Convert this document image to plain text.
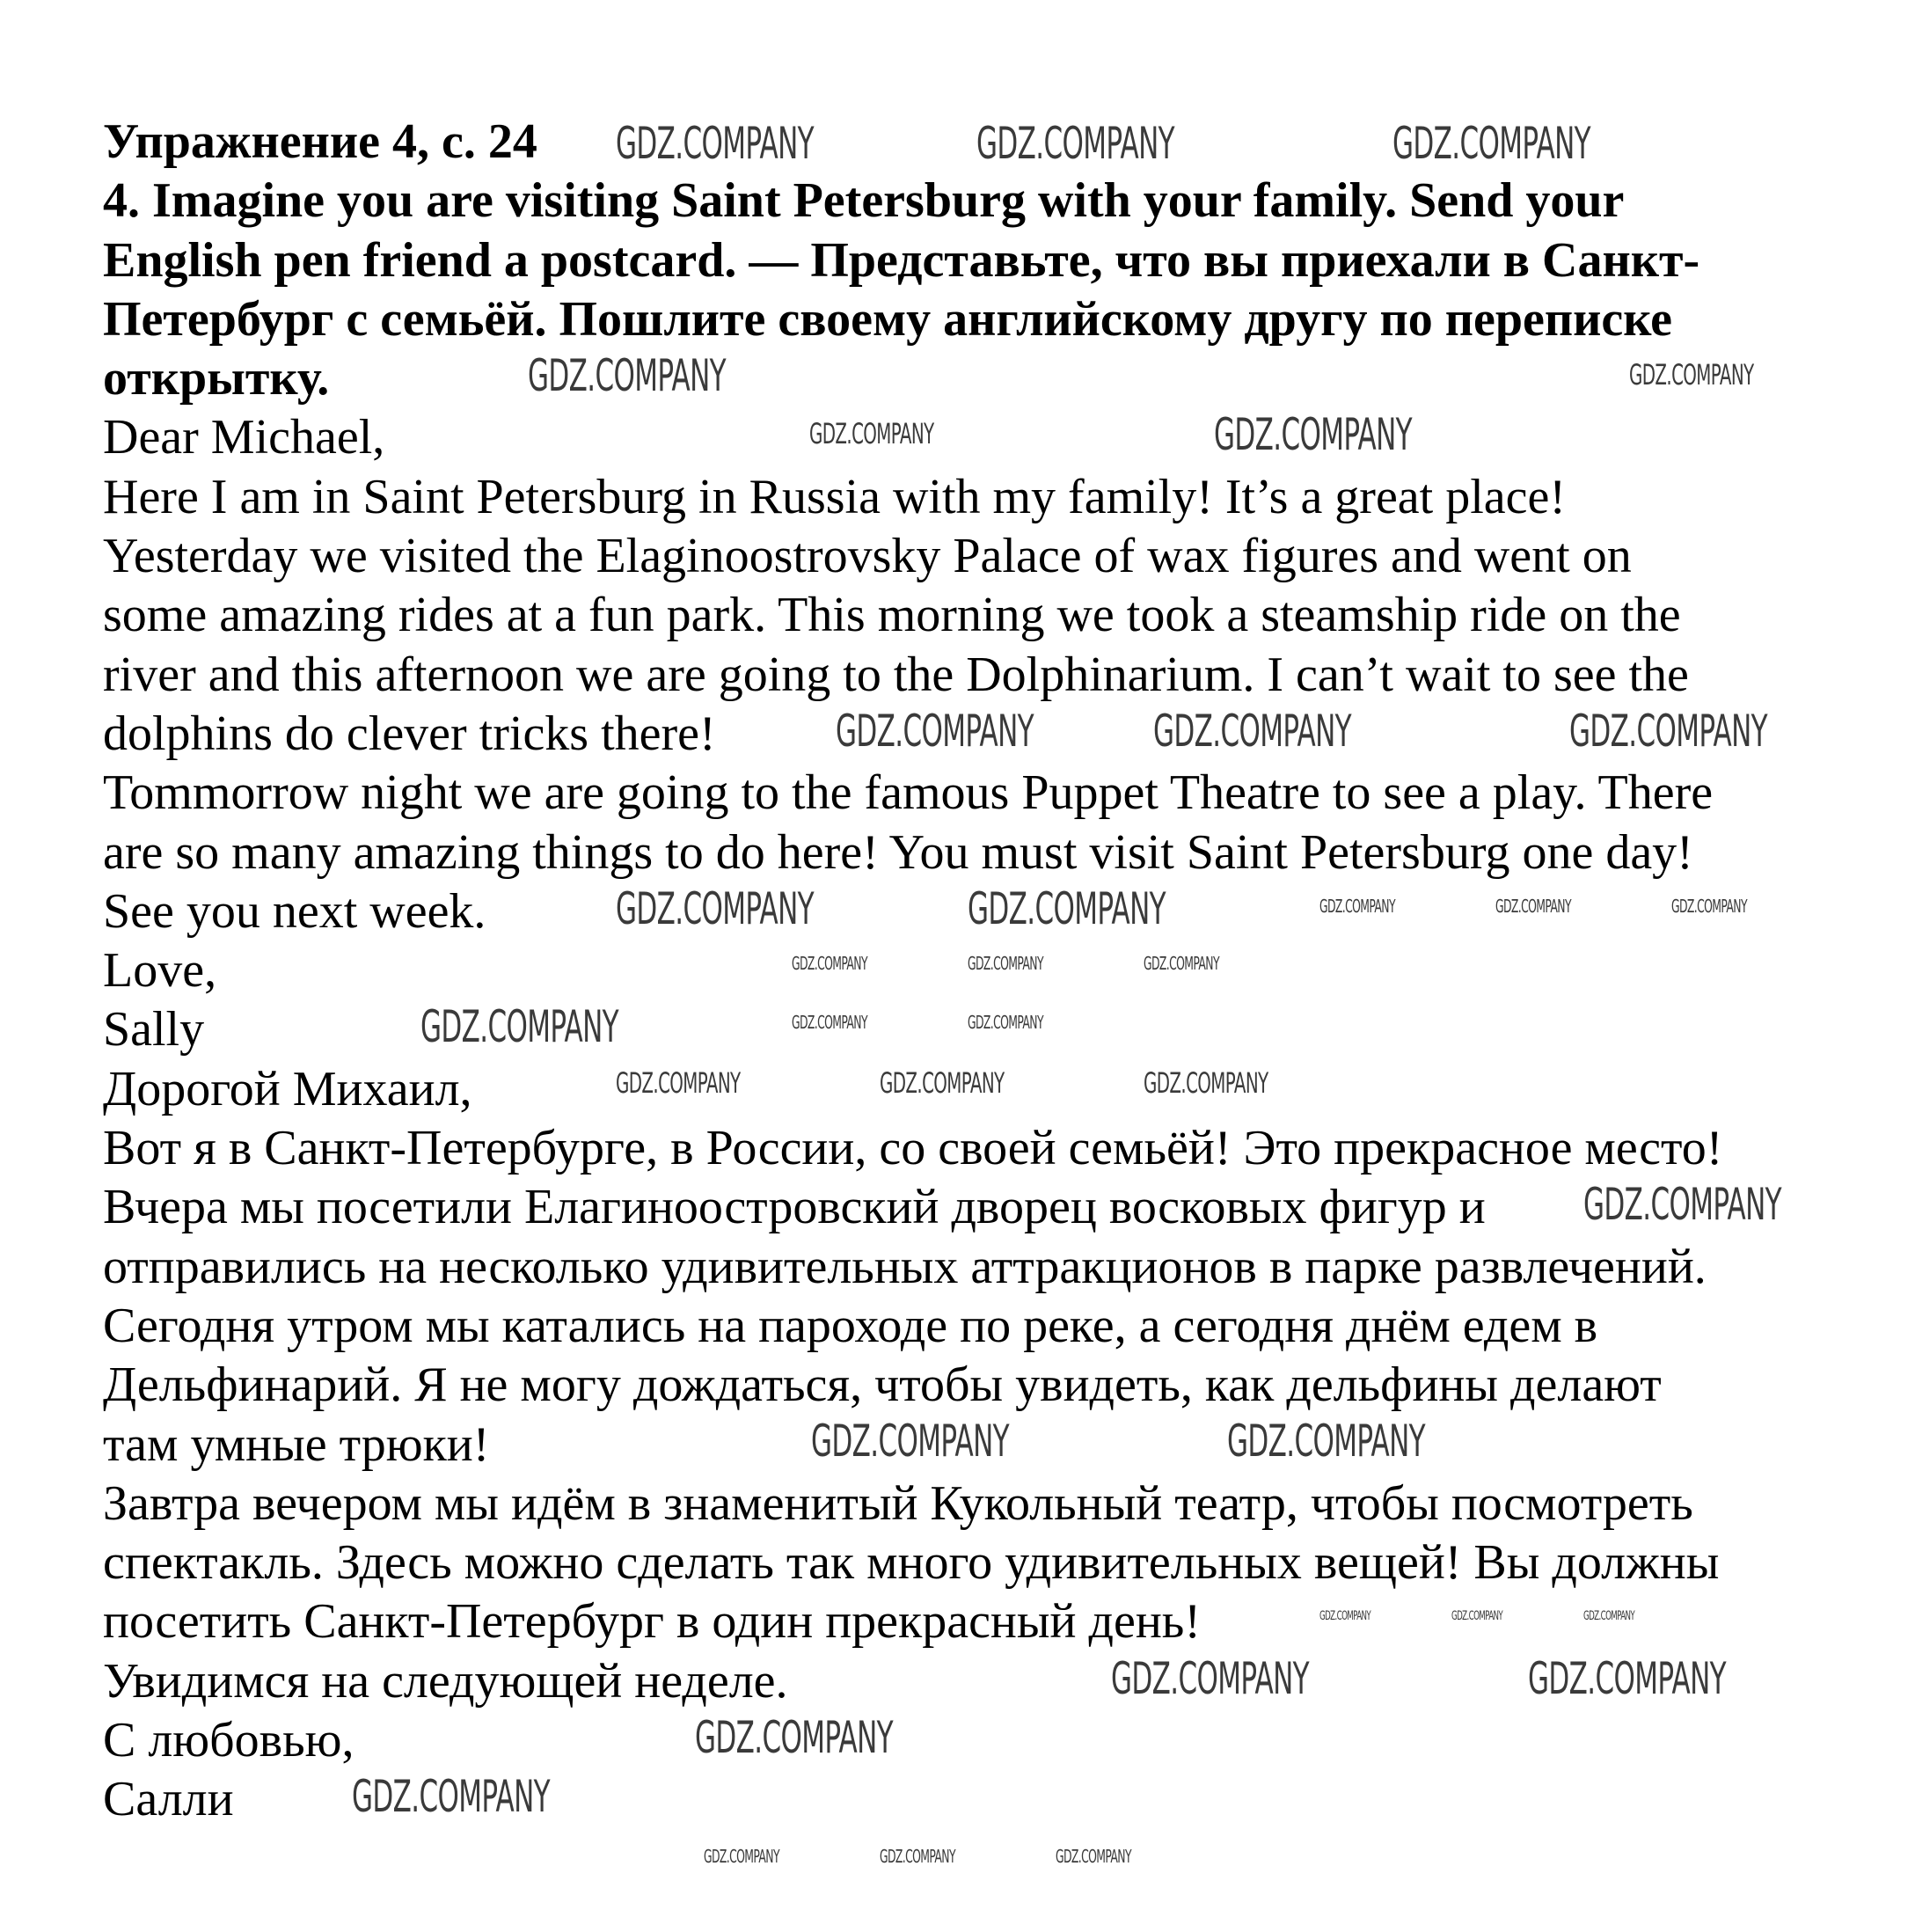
Упражнение 4, с. 24
4. Imagine you are visiting Saint Petersburg with your family. Send your
English pen friend a postcard. — Представьте, что вы приехали в Санкт-
Петербург с семьёй. Пошлите своему английскому другу по переписке
открытку.
Dear Michael,
Here I am in Saint Petersburg in Russia with my family! It’s a great place!
Yesterday we visited the Elaginoostrovsky Palace of wax figures and went on
some amazing rides at a fun park. This morning we took a steamship ride on the
river and this afternoon we are going to the Dolphinarium. I can’t wait to see the
dolphins do clever tricks there!
Tommorrow night we are going to the famous Puppet Theatre to see a play. There
are so many amazing things to do here! You must visit Saint Petersburg one day!
See you next week.
Love,
Sally
Дорогой Михаил,
Вот я в Санкт-Петербурге, в России, со своей семьёй! Это прекрасное место!
Вчера мы посетили Елагиноостровский дворец восковых фигур и
отправились на несколько удивительных аттракционов в парке развлечений.
Сегодня утром мы катались на пароходе по реке, а сегодня днём едем в
Дельфинарий. Я не могу дождаться, чтобы увидеть, как дельфины делают
там умные трюки!
Завтра вечером мы идём в знаменитый Кукольный театр, чтобы посмотреть
спектакль. Здесь можно сделать так много удивительных вещей! Вы должны
посетить Санкт-Петербург в один прекрасный день!
Увидимся на следующей неделе.
С любовью,
Салли
GDZ.COMPANY	GDZ.COMPANY	GDZ.COMPANY
GDZ.COMPANY
GDZ.COMPANY
GDZ.COMPANY	GDZ.COMPANY
GDZ.COMPANY	GDZ.COMPANY	GDZ.COMPANY
GDZ.COMPANY	GDZ.COMPANY	GDZ.COMPANY
GDZ.COMPANY
GDZ.COMPANY
GDZ.COMPANY	GDZ.COMPANY
GDZ.COMPANY	GDZ.COMPANY
GDZ.COMPANY
GDZ.COMPANY
GDZ.COMPANY
GDZ.COMPANY	GDZ.COMPANY	GDZ.COMPANY
GDZ.COMPANY
GDZ.COMPANY
GDZ.COMPANY
GDZ.COMPANY
GDZ.COMPANY	GDZ.COMPANY	GDZ.COMPANY
GDZ.COMPANY
GDZ.COMPANY
GDZ.COMPANY	GDZ.COMPANY	GDZ.COMPANY
